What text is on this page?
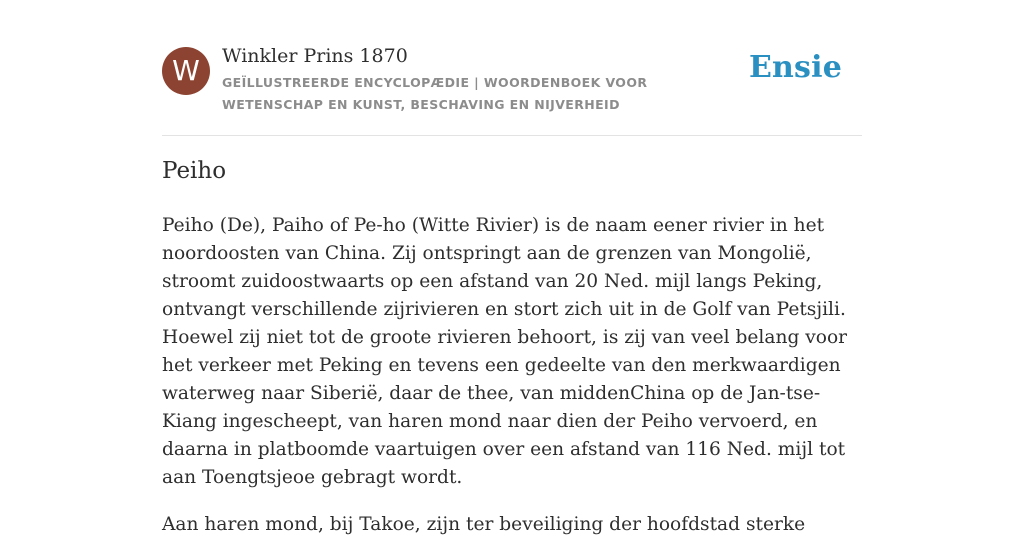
W	Winkler Prins 1870
GEÏLLUSTREERDE ENCYCLOPÆDIE | WOORDENBOEK VOOR WETENSCHAP EN KUNST, BESCHAVING EN NIJVERHEID
Ensie
Peiho

Peiho (De), Paiho of Pe-ho (Witte Rivier) is de naam eener rivier in het noordoosten van China. Zij ontspringt aan de grenzen van Mongolië, stroomt zuidoostwaarts op een afstand van 20 Ned. mijl langs Peking, ontvangt verschillende zijrivieren en stort zich uit in de Golf van Petsjili. Hoewel zij niet tot de groote rivieren behoort, is zij van veel belang voor het verkeer met Peking en tevens een gedeelte van den merkwaardigen waterweg naar Siberië, daar de thee, van middenChina op de Jan-tse-Kiang ingescheept, van haren mond naar dien der Peiho vervoerd, en daarna in platboomde vaartuigen over een afstand van 116 Ned. mijl tot aan Toengtsjeoe gebragt wordt.

Aan haren mond, bij Takoe, zijn ter beveiliging der hoofdstad sterke
